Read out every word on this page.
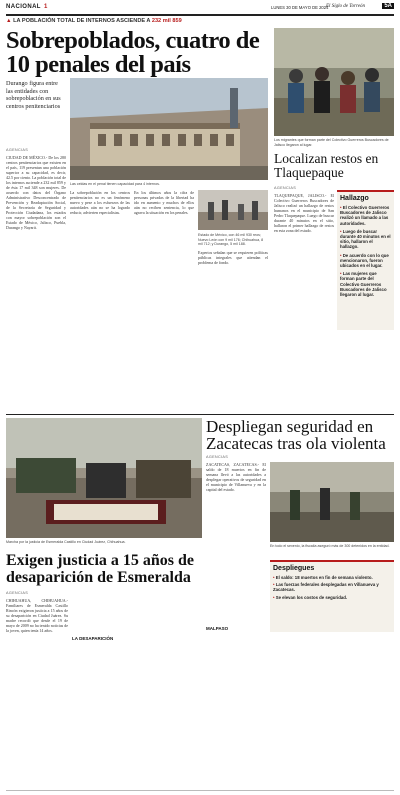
NACIONAL 1	LUNES 30 DE MAYO DE 2024
El Siglo de Torreón	5A
▲ LA POBLACIÓN TOTAL DE INTERNOS ASCIENDE A 232 mil 859
Sobrepoblados, cuatro de 10 penales del país
Durango figura entre las entidades con sobrepoblación en sus centros penitenciarios
Las celdas en el penal tienen capacidad para 4 internos.
AGENCIAS
CIUDAD DE MÉXICO.- De los 280 centros penitenciarios que existen en el país, 119 presentan una población superior a su capacidad, es decir, 42.5 por ciento. La población total de los internos asciende a 232 mil 859 y de ésta 17 mil 348 son mujeres. De acuerdo con datos del Órgano Administrativo Desconcentrado de Prevención y Readaptación Social, de la Secretaría de Seguridad y Protección Ciudadana, los estados con mayor sobrepoblación son el Estado de México, Jalisco, Puebla, Durango y Nayarit.
La sobrepoblación en los centros penitenciarios no es un fenómeno nuevo y pese a los esfuerzos de las autoridades aún no se ha logrado reducir, advierten especialistas.
En los últimos años la cifra de personas privadas de la libertad ha ido en aumento y muchos de ellos aún no reciben sentencia, lo que agrava la situación en los penales.
Estado de México, con 46 mil 930 reos; Nuevo León con 9 mil 176; Chihuahua, 8 mil 712; y Durango, 5 mil 188.
Expertos señalan que se requieren políticas públicas integrales que atiendan el problema de fondo.
Los migrantes que forman parte del Colectivo Guerreros Buscadores de Jalisco llegaron al lugar.
Localizan restos en Tlaquepaque
AGENCIAS
TLAQUEPAQUE, JALISCO.- El Colectivo Guerreros Buscadores de Jalisco realizó un hallazgo de restos humanos en el municipio de San Pedro Tlaquepaque. Luego de buscar durante 40 minutos en el sitio, hallaron el primer hallazgo de restos en esta zona del estado.
Hallazgo
• El Colectivo Guerreros Buscadores de Jalisco realizó un llamado a las autoridades.
• Luego de buscar durante 40 minutos en el sitio, hallaron el hallazgo.
• De acuerdo con lo que mencionaron, fueron ubicados en el lugar.
• Las mujeres que forman parte del Colectivo Guerreros Buscadores de Jalisco llegaron al lugar.
Marcha por la justicia de Esmeralda Castillo en Ciudad Juárez, Chihuahua.
Despliegan seguridad en Zacatecas tras ola violenta
AGENCIAS
ZACATECAS, ZACATECAS.- El saldo de 18 muertos en fin de semana llevó a las autoridades a desplegar operativos de seguridad en el municipio de Villanueva y en la capital del estado.
En todo el sexenio, la fiscalía aseguró más de 300 detenidos en la entidad.
Despliegues
• El saldo: 18 muertos en fin de semana violento.
• Las fuerzas federales desplegadas en Villanueva y Zacatecas.
• Se elevan los costos de seguridad.
MALPASO
Exigen justicia a 15 años de desaparición de Esmeralda
AGENCIAS
CHIHUAHUA, CHIHUAHUA.- Familiares de Esmeralda Castillo Rincón exigieron justicia a 15 años de su desaparición en Ciudad Juárez. Su madre recordó que desde el 19 de mayo de 2009 no ha tenido noticias de la joven, quien tenía 14 años.
LA DESAPARICIÓN
